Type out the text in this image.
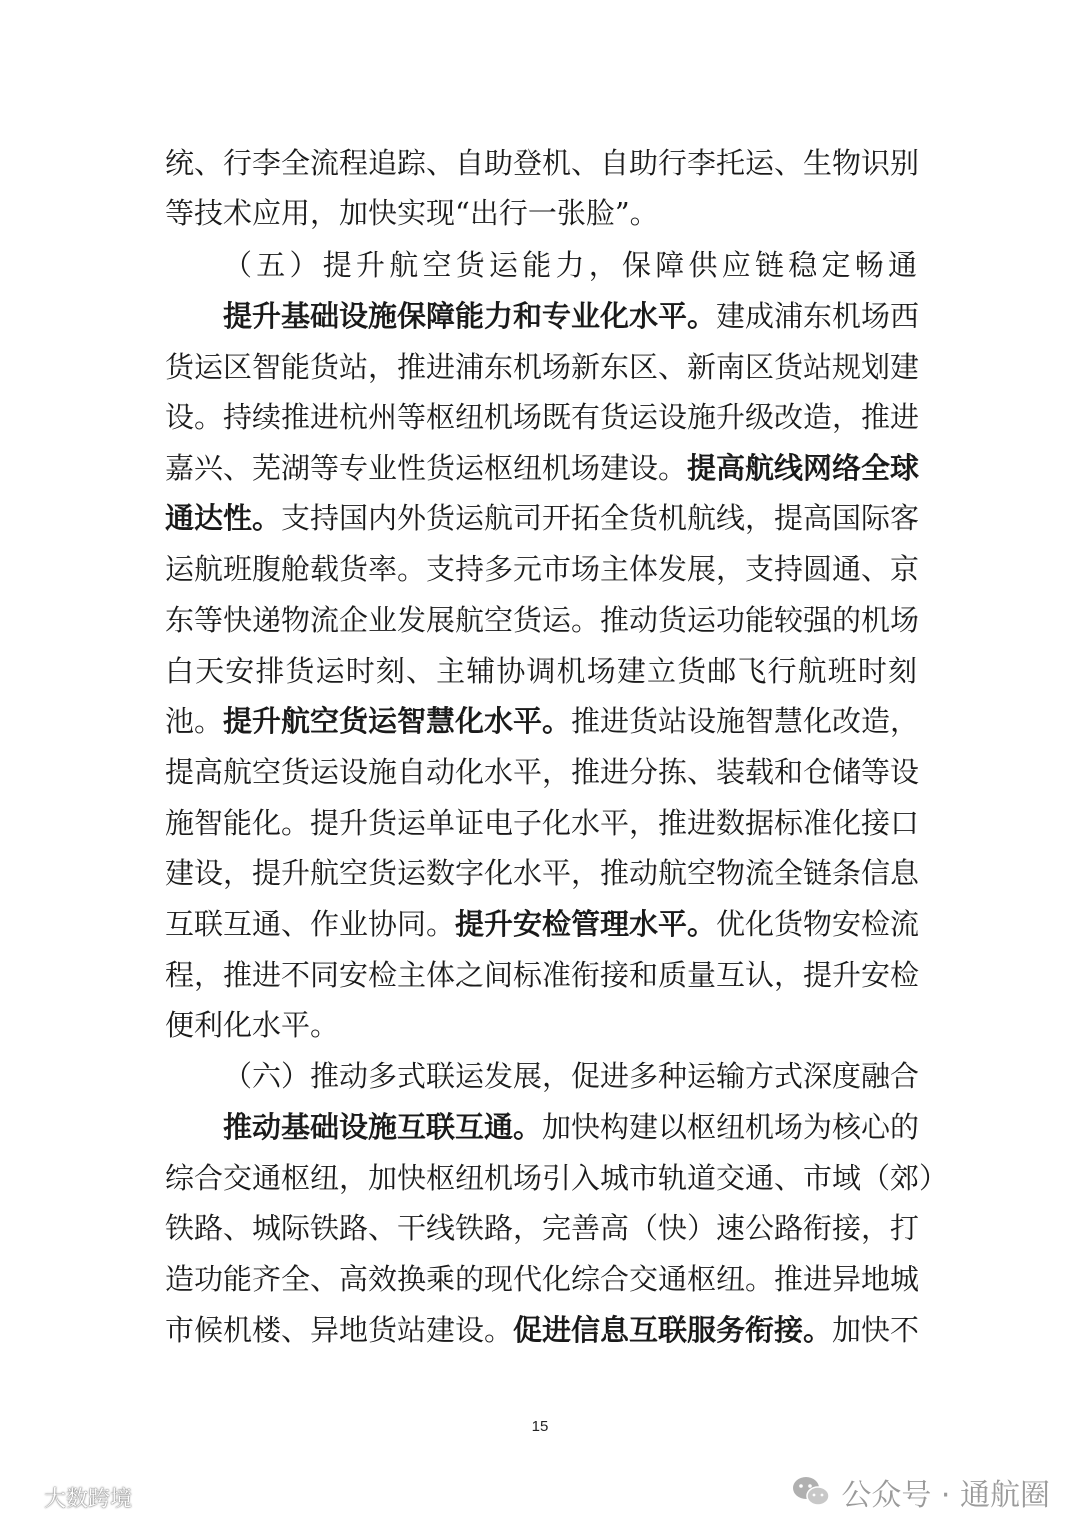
统、行李全流程追踪、自助登机、自助行李托运、生物识别
等技术应用，加快实现“出行一张脸”。
（五）提升航空货运能力，保障供应链稳定畅通
提升基础设施保障能力和专业化水平。建成浦东机场西
货运区智能货站，推进浦东机场新东区、新南区货站规划建
设。持续推进杭州等枢纽机场既有货运设施升级改造，推进
嘉兴、芜湖等专业性货运枢纽机场建设。提高航线网络全球
通达性。支持国内外货运航司开拓全货机航线，提高国际客
运航班腹舱载货率。支持多元市场主体发展，支持圆通、京
东等快递物流企业发展航空货运。推动货运功能较强的机场
白天安排货运时刻、主辅协调机场建立货邮飞行航班时刻
池。提升航空货运智慧化水平。推进货站设施智慧化改造，
提高航空货运设施自动化水平，推进分拣、装载和仓储等设
施智能化。提升货运单证电子化水平，推进数据标准化接口
建设，提升航空货运数字化水平，推动航空物流全链条信息
互联互通、作业协同。提升安检管理水平。优化货物安检流
程，推进不同安检主体之间标准衔接和质量互认，提升安检
便利化水平。
（六）推动多式联运发展，促进多种运输方式深度融合
推动基础设施互联互通。加快构建以枢纽机场为核心的
综合交通枢纽，加快枢纽机场引入城市轨道交通、市域（郊）
铁路、城际铁路、干线铁路，完善高（快）速公路衔接，打
造功能齐全、高效换乘的现代化综合交通枢纽。推进异地城
市候机楼、异地货站建设。促进信息互联服务衔接。加快不
15
大数跨境	公众号 · 通航圈
